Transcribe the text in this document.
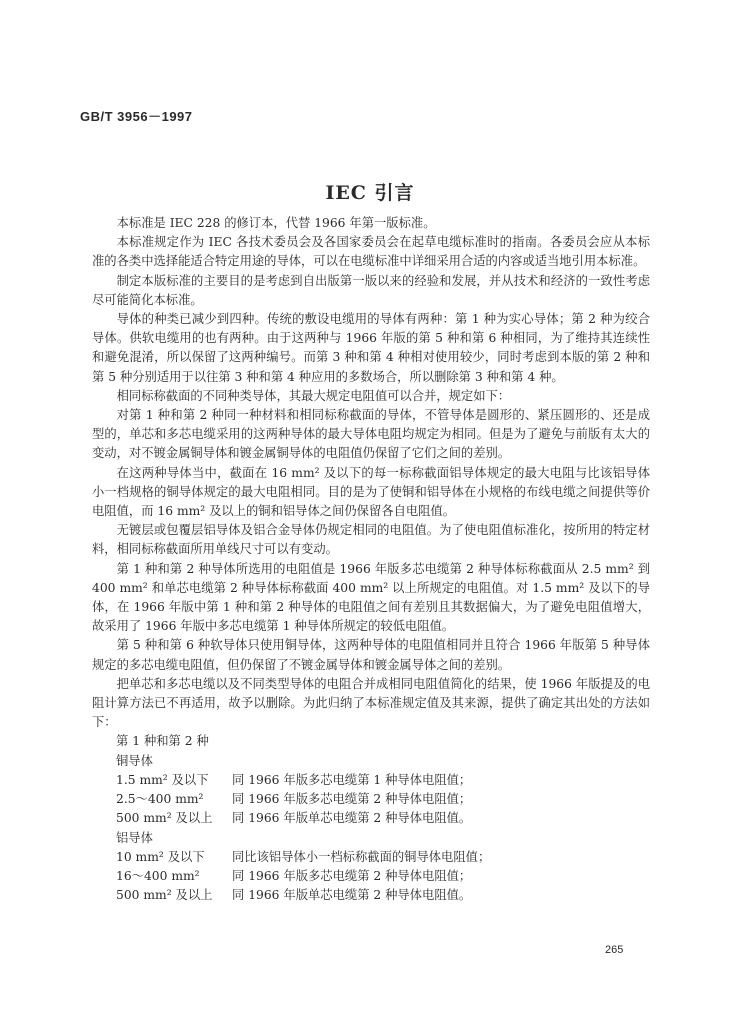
GB/T 3956－1997
IEC 引言

本标准是 IEC 228 的修订本，代替 1966 年第一版标准。

本标准规定作为 IEC 各技术委员会及各国家委员会在起草电缆标准时的指南。各委员会应从本标准的各类中选择能适合特定用途的导体，可以在电缆标准中详细采用合适的内容或适当地引用本标准。

制定本版标准的主要目的是考虑到自出版第一版以来的经验和发展，并从技术和经济的一致性考虑尽可能简化本标准。

导体的种类已减少到四种。传统的敷设电缆用的导体有两种：第 1 种为实心导体；第 2 种为绞合导体。供软电缆用的也有两种。由于这两种与 1966 年版的第 5 种和第 6 种相同，为了维持其连续性和避免混淆，所以保留了这两种编号。而第 3 种和第 4 种相对使用较少，同时考虑到本版的第 2 种和第 5 种分别适用于以往第 3 种和第 4 种应用的多数场合，所以删除第 3 种和第 4 种。

相同标称截面的不同种类导体，其最大规定电阻值可以合并，规定如下：

对第 1 种和第 2 种同一种材料和相同标称截面的导体，不管导体是圆形的、紧压圆形的、还是成型的，单芯和多芯电缆采用的这两种导体的最大导体电阻均规定为相同。但是为了避免与前版有太大的变动，对不镀金属铜导体和镀金属铜导体的电阻值仍保留了它们之间的差别。

在这两种导体当中，截面在 16 mm² 及以下的每一标称截面铝导体规定的最大电阻与比该铝导体小一档规格的铜导体规定的最大电阻相同。目的是为了使铜和铝导体在小规格的布线电缆之间提供等价电阻值，而 16 mm² 及以上的铜和铝导体之间仍保留各自电阻值。

无镀层或包覆层铝导体及铝合金导体仍规定相同的电阻值。为了使电阻值标准化，按所用的特定材料，相同标称截面所用单线尺寸可以有变动。

第 1 种和第 2 种导体所选用的电阻值是 1966 年版多芯电缆第 2 种导体标称截面从 2.5 mm² 到 400 mm² 和单芯电缆第 2 种导体标称截面 400 mm² 以上所规定的电阻值。对 1.5 mm² 及以下的导体，在 1966 年版中第 1 种和第 2 种导体的电阻值之间有差别且其数据偏大，为了避免电阻值增大，故采用了 1966 年版中多芯电缆第 1 种导体所规定的较低电阻值。

第 5 种和第 6 种软导体只使用铜导体，这两种导体的电阻值相同并且符合 1966 年版第 5 种导体规定的多芯电缆电阻值，但仍保留了不镀金属导体和镀金属导体之间的差别。

把单芯和多芯电缆以及不同类型导体的电阻合并成相同电阻值简化的结果，使 1966 年版提及的电阻计算方法已不再适用，故予以删除。为此归纳了本标准规定值及其来源，提供了确定其出处的方法如下：

第 1 种和第 2 种
铜导体
1.5 mm² 及以下	同 1966 年版多芯电缆第 1 种导体电阻值；
2.5～400 mm²	同 1966 年版多芯电缆第 2 种导体电阻值；
500 mm² 及以上	同 1966 年版单芯电缆第 2 种导体电阻值。
铝导体
10 mm² 及以下	同比该铝导体小一档标称截面的铜导体电阻值；
16～400 mm²	同 1966 年版多芯电缆第 2 种导体电阻值；
500 mm² 及以上	同 1966 年版单芯电缆第 2 种导体电阻值。
265
